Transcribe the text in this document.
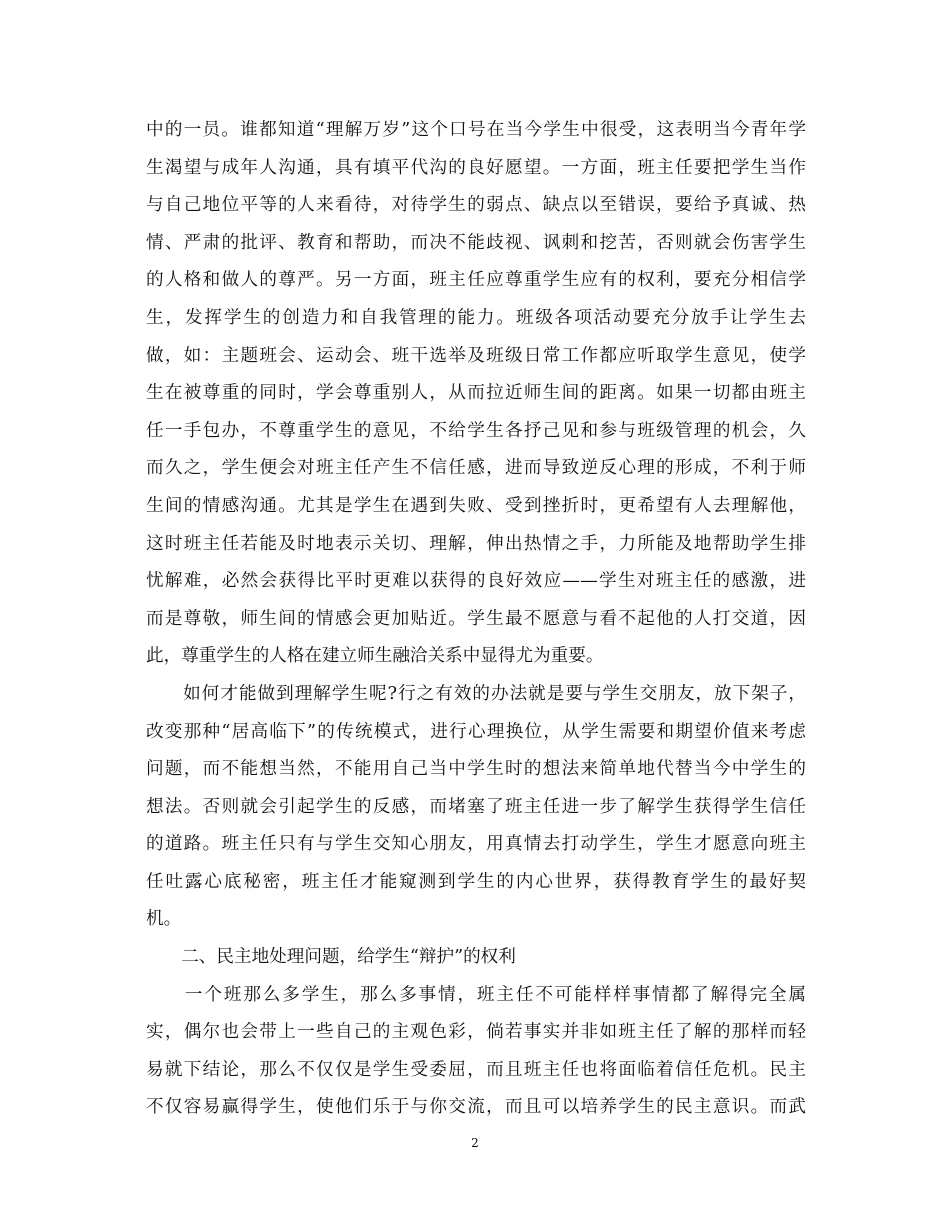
中的一员。谁都知道“理解万岁”这个口号在当今学生中很受，这表明当今青年学
生渴望与成年人沟通，具有填平代沟的良好愿望。一方面，班主任要把学生当作
与自己地位平等的人来看待，对待学生的弱点、缺点以至错误，要给予真诚、热
情、严肃的批评、教育和帮助，而决不能歧视、讽刺和挖苦，否则就会伤害学生
的人格和做人的尊严。另一方面，班主任应尊重学生应有的权利，要充分相信学
生，发挥学生的创造力和自我管理的能力。班级各项活动要充分放手让学生去
做，如：主题班会、运动会、班干选举及班级日常工作都应听取学生意见，使学
生在被尊重的同时，学会尊重别人，从而拉近师生间的距离。如果一切都由班主
任一手包办，不尊重学生的意见，不给学生各抒己见和参与班级管理的机会，久
而久之，学生便会对班主任产生不信任感，进而导致逆反心理的形成，不利于师
生间的情感沟通。尤其是学生在遇到失败、受到挫折时，更希望有人去理解他，
这时班主任若能及时地表示关切、理解，伸出热情之手，力所能及地帮助学生排
忧解难，必然会获得比平时更难以获得的良好效应——学生对班主任的感激，进
而是尊敬，师生间的情感会更加贴近。学生最不愿意与看不起他的人打交道，因
此，尊重学生的人格在建立师生融洽关系中显得尤为重要。
　　如何才能做到理解学生呢?行之有效的办法就是要与学生交朋友，放下架子，
改变那种“居高临下”的传统模式，进行心理换位，从学生需要和期望价值来考虑
问题，而不能想当然，不能用自己当中学生时的想法来简单地代替当今中学生的
想法。否则就会引起学生的反感，而堵塞了班主任进一步了解学生获得学生信任
的道路。班主任只有与学生交知心朋友，用真情去打动学生，学生才愿意向班主
任吐露心底秘密，班主任才能窥测到学生的内心世界，获得教育学生的最好契
机。
　　二、民主地处理问题，给学生“辩护”的权利
　　一个班那么多学生，那么多事情，班主任不可能样样事情都了解得完全属
实，偶尔也会带上一些自己的主观色彩，倘若事实并非如班主任了解的那样而轻
易就下结论，那么不仅仅是学生受委屈，而且班主任也将面临着信任危机。民主
不仅容易赢得学生，使他们乐于与你交流，而且可以培养学生的民主意识。而武
2
